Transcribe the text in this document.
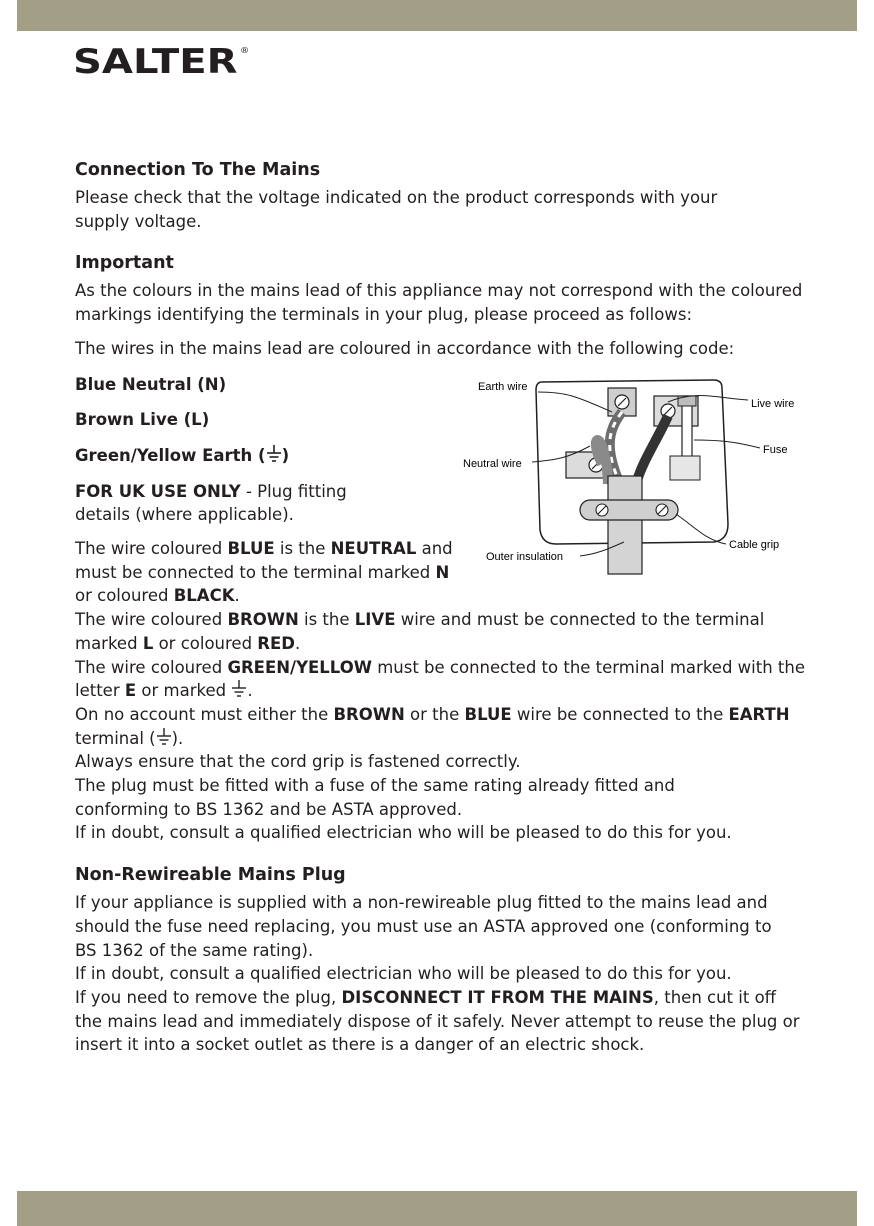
SALTER ®
Connection To The Mains

Please check that the voltage indicated on the product corresponds with your supply voltage.

Important

As the colours in the mains lead of this appliance may not correspond with the coloured markings identifying the terminals in your plug, please proceed as follows:

The wires in the mains lead are coloured in accordance with the following code:

Blue Neutral (N)
Brown Live (L)
Green/Yellow Earth ( )

FOR UK USE ONLY - Plug fitting details (where applicable).

The wire coloured BLUE is the NEUTRAL and must be connected to the terminal marked N or coloured BLACK.

The wire coloured BROWN is the LIVE wire and must be connected to the terminal marked L or coloured RED.

The wire coloured GREEN/YELLOW must be connected to the terminal marked with the letter E or marked .

On no account must either the BROWN or the BLUE wire be connected to the EARTH terminal ( ).

Always ensure that the cord grip is fastened correctly.

The plug must be fitted with a fuse of the same rating already fitted and conforming to BS 1362 and be ASTA approved.

If in doubt, consult a qualified electrician who will be pleased to do this for you.

Non-Rewireable Mains Plug

If your appliance is supplied with a non-rewireable plug fitted to the mains lead and should the fuse need replacing, you must use an ASTA approved one (conforming to BS 1362 of the same rating).

If in doubt, consult a qualified electrician who will be pleased to do this for you.

If you need to remove the plug, DISCONNECT IT FROM THE MAINS, then cut it off the mains lead and immediately dispose of it safely. Never attempt to reuse the plug or insert it into a socket outlet as there is a danger of an electric shock.

Earth wire
Live wire
Fuse
Neutral wire
Cable grip
Outer insulation
